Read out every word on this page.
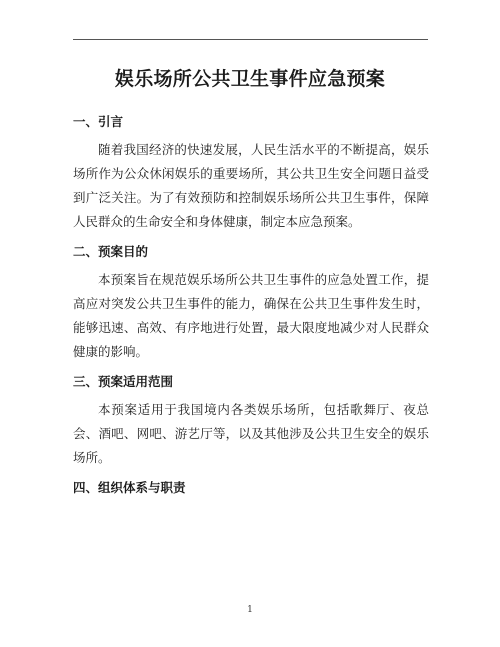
娱乐场所公共卫生事件应急预案
一、引言

随着我国经济的快速发展，人民生活水平的不断提高，娱乐场所作为公众休闲娱乐的重要场所，其公共卫生安全问题日益受到广泛关注。为了有效预防和控制娱乐场所公共卫生事件，保障人民群众的生命安全和身体健康，制定本应急预案。

二、预案目的

本预案旨在规范娱乐场所公共卫生事件的应急处置工作，提高应对突发公共卫生事件的能力，确保在公共卫生事件发生时，能够迅速、高效、有序地进行处置，最大限度地减少对人民群众健康的影响。

三、预案适用范围

本预案适用于我国境内各类娱乐场所，包括歌舞厅、夜总会、酒吧、网吧、游艺厅等，以及其他涉及公共卫生安全的娱乐场所。

四、组织体系与职责
1
